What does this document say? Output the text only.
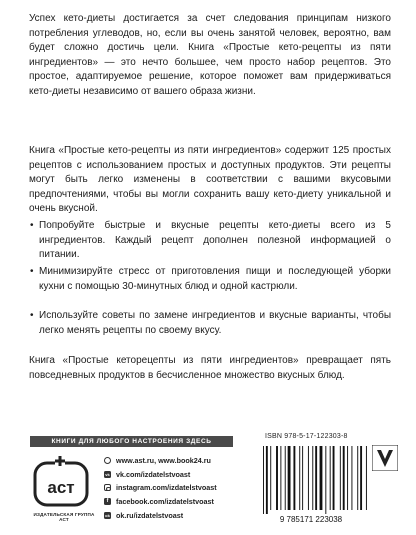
Успех кето-диеты достигается за счет следования принципам низкого потребления углеводов, но, если вы очень занятой человек, вероятно, вам будет сложно достичь цели. Книга «Простые кето-рецепты из пяти ингредиентов» — это нечто большее, чем просто набор рецептов. Это простое, адаптируемое решение, которое поможет вам придерживаться кето-диеты независимо от вашего образа жизни.

Книга «Простые кето-рецепты из пяти ингредиентов» содержит 125 простых рецептов с использованием простых и доступных продуктов. Эти рецепты могут быть легко изменены в соответствии с вашими вкусовыми предпочтениями, чтобы вы могли сохранить вашу кето-диету уникальной и очень вкусной.

• Попробуйте быстрые и вкусные рецепты кето-диеты всего из 5 ингредиентов. Каждый рецепт дополнен полезной информацией о питании.
• Минимизируйте стресс от приготовления пищи и последующей уборки кухни с помощью 30-минутных блюд и одной кастрюли.
• Используйте советы по замене ингредиентов и вкусные варианты, чтобы легко менять рецепты по своему вкусу.

Книга «Простые кеторецепты из пяти ингредиентов» превращает пять повседневных продуктов в бесчисленное множество вкусных блюд.

КНИГИ ДЛЯ ЛЮБОГО НАСТРОЕНИЯ ЗДЕСЬ
аст
ИЗДАТЕЛЬСКАЯ ГРУППА АСТ
www.ast.ru, www.book24.ru
vk vk.com/izdatelstvoast
instagram.com/izdatelstvoast
f	facebook.com/izdatelstvoast
ok ok.ru/izdatelstvoast
ISBN 978-5-17-122303-8
9 785171 223038
